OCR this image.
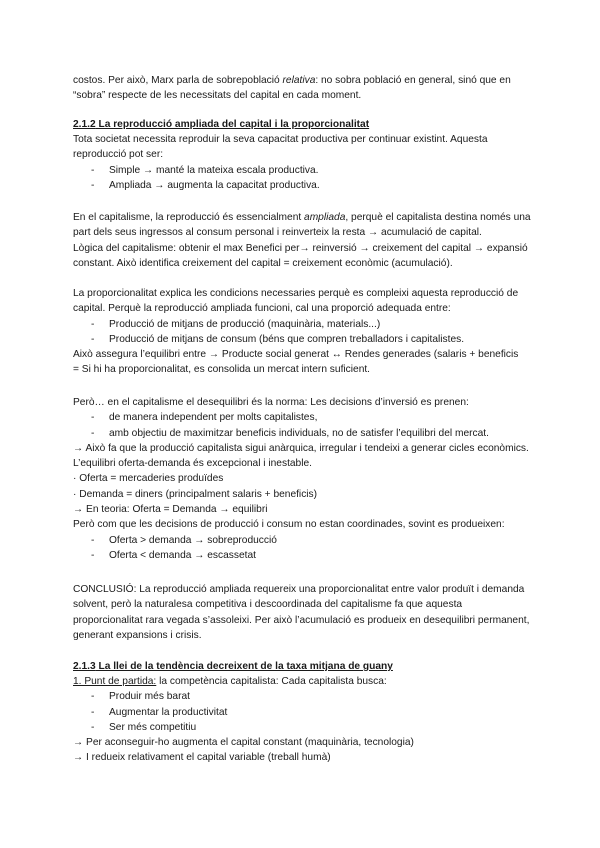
costos. Per això, Marx parla de sobrepoblació relativa: no sobra població en general, sinó que en
“sobra” respecte de les necessitats del capital en cada moment.
2.1.2 La reproducció ampliada del capital i la proporcionalitat
Tota societat necessita reproduir la seva capacitat productiva per continuar existint. Aquesta
reproducció pot ser:
- Simple → manté la mateixa escala productiva.
- Ampliada → augmenta la capacitat productiva.
En el capitalisme, la reproducció és essencialment ampliada, perquè el capitalista destina només una
part dels seus ingressos al consum personal i reinverteix la resta → acumulació de capital.
Lògica del capitalisme: obtenir el max Benefici per→ reinversió → creixement del capital → expansió
constant. Això identifica creixement del capital = creixement econòmic (acumulació).
La proporcionalitat explica les condicions necessaries perquè es compleixi aquesta reproducció de
capital. Perquè la reproducció ampliada funcioni, cal una proporció adequada entre:
- Producció de mitjans de producció (maquinària, materials...)
- Producció de mitjans de consum (béns que compren treballadors i capitalistes.
Això assegura l’equilibri entre → Producte social generat ↔ Rendes generades (salaris + beneficis
= Si hi ha proporcionalitat, es consolida un mercat intern suficient.
Però… en el capitalisme el desequilibri és la norma: Les decisions d’inversió es prenen:
- de manera independent per molts capitalistes,
- amb objectiu de maximitzar beneficis individuals, no de satisfer l’equilibri del mercat.
→ Això fa que la producció capitalista sigui anàrquica, irregular i tendeixi a generar cicles econòmics.
L’equilibri oferta-demanda és excepcional i inestable.
· Oferta = mercaderies produïdes
· Demanda = diners (principalment salaris + beneficis)
→ En teoria: Oferta = Demanda → equilibri
Però com que les decisions de producció i consum no estan coordinades, sovint es produeixen:
- Oferta > demanda → sobreproducció
- Oferta < demanda → escassetat
CONCLUSIÓ: La reproducció ampliada requereix una proporcionalitat entre valor produït i demanda
solvent, però la naturalesa competitiva i descoordinada del capitalisme fa que aquesta
proporcionalitat rara vegada s’assoleixi. Per això l’acumulació es produeix en desequilibri permanent,
generant expansions i crisis.
2.1.3 La llei de la tendència decreixent de la taxa mitjana de guany
1. Punt de partida: la competència capitalista: Cada capitalista busca:
- Produir més barat
- Augmentar la productivitat
- Ser més competitiu
→ Per aconseguir-ho augmenta el capital constant (maquinària, tecnologia)
→ I redueix relativament el capital variable (treball humà)
